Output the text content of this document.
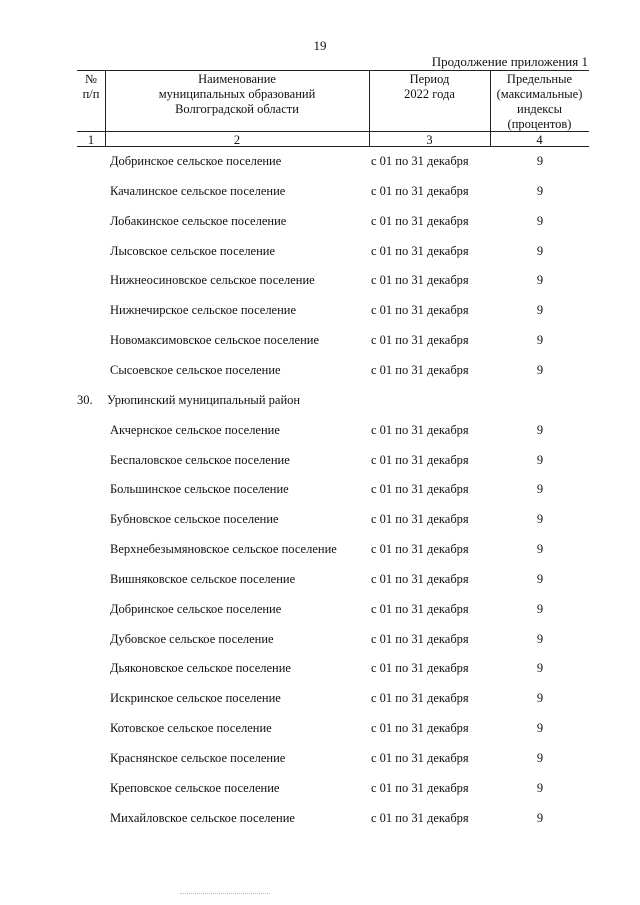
19
Продолжение приложения 1
№
п/п
Наименование
муниципальных образований
Волгоградской области
Период
2022 года
Предельные
(максимальные)
индексы
(процентов)
1	2	3	4
Добринское сельское поселение	с 01 по 31 декабря	9
Качалинское сельское поселение	с 01 по 31 декабря	9
Лобакинское сельское поселение	с 01 по 31 декабря	9
Лысовское сельское поселение	с 01 по 31 декабря	9
Нижнеосиновское сельское поселение	с 01 по 31 декабря	9
Нижнечирское сельское поселение	с 01 по 31 декабря	9
Новомаксимовское сельское поселение	с 01 по 31 декабря	9
Сысоевское сельское поселение	с 01 по 31 декабря	9
30.	Урюпинский муниципальный район
Акчернское сельское поселение	с 01 по 31 декабря	9
Беспаловское сельское поселение	с 01 по 31 декабря	9
Большинское сельское поселение	с 01 по 31 декабря	9
Бубновское сельское поселение	с 01 по 31 декабря	9
Верхнебезымяновское сельское поселение	с 01 по 31 декабря	9
Вишняковское сельское поселение	с 01 по 31 декабря	9
Добринское сельское поселение	с 01 по 31 декабря	9
Дубовское сельское поселение	с 01 по 31 декабря	9
Дьяконовское сельское поселение	с 01 по 31 декабря	9
Искринское сельское поселение	с 01 по 31 декабря	9
Котовское сельское поселение	с 01 по 31 декабря	9
Краснянское сельское поселение	с 01 по 31 декабря	9
Креповское сельское поселение	с 01 по 31 декабря	9
Михайловское сельское поселение	с 01 по 31 декабря	9
